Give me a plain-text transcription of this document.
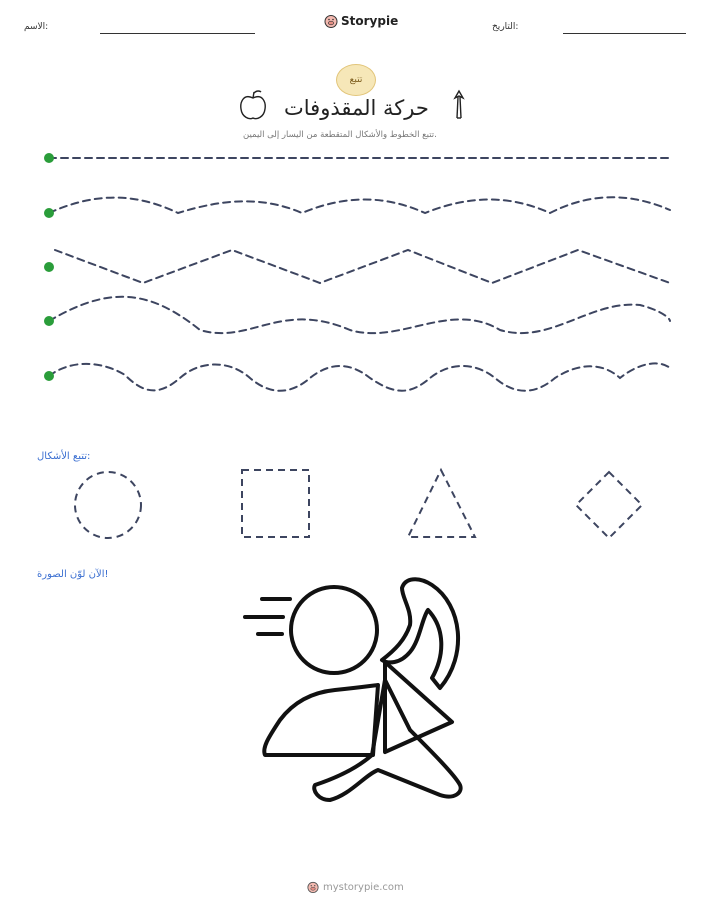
الاسم:	Storypie	التاريخ:
تتبع
حركة المقذوفات
تتبع الخطوط والأشكال المتقطعة من اليسار إلى اليمين.
تتبع الأشكال:
الآن لوّن الصورة!
mystorypie.com
